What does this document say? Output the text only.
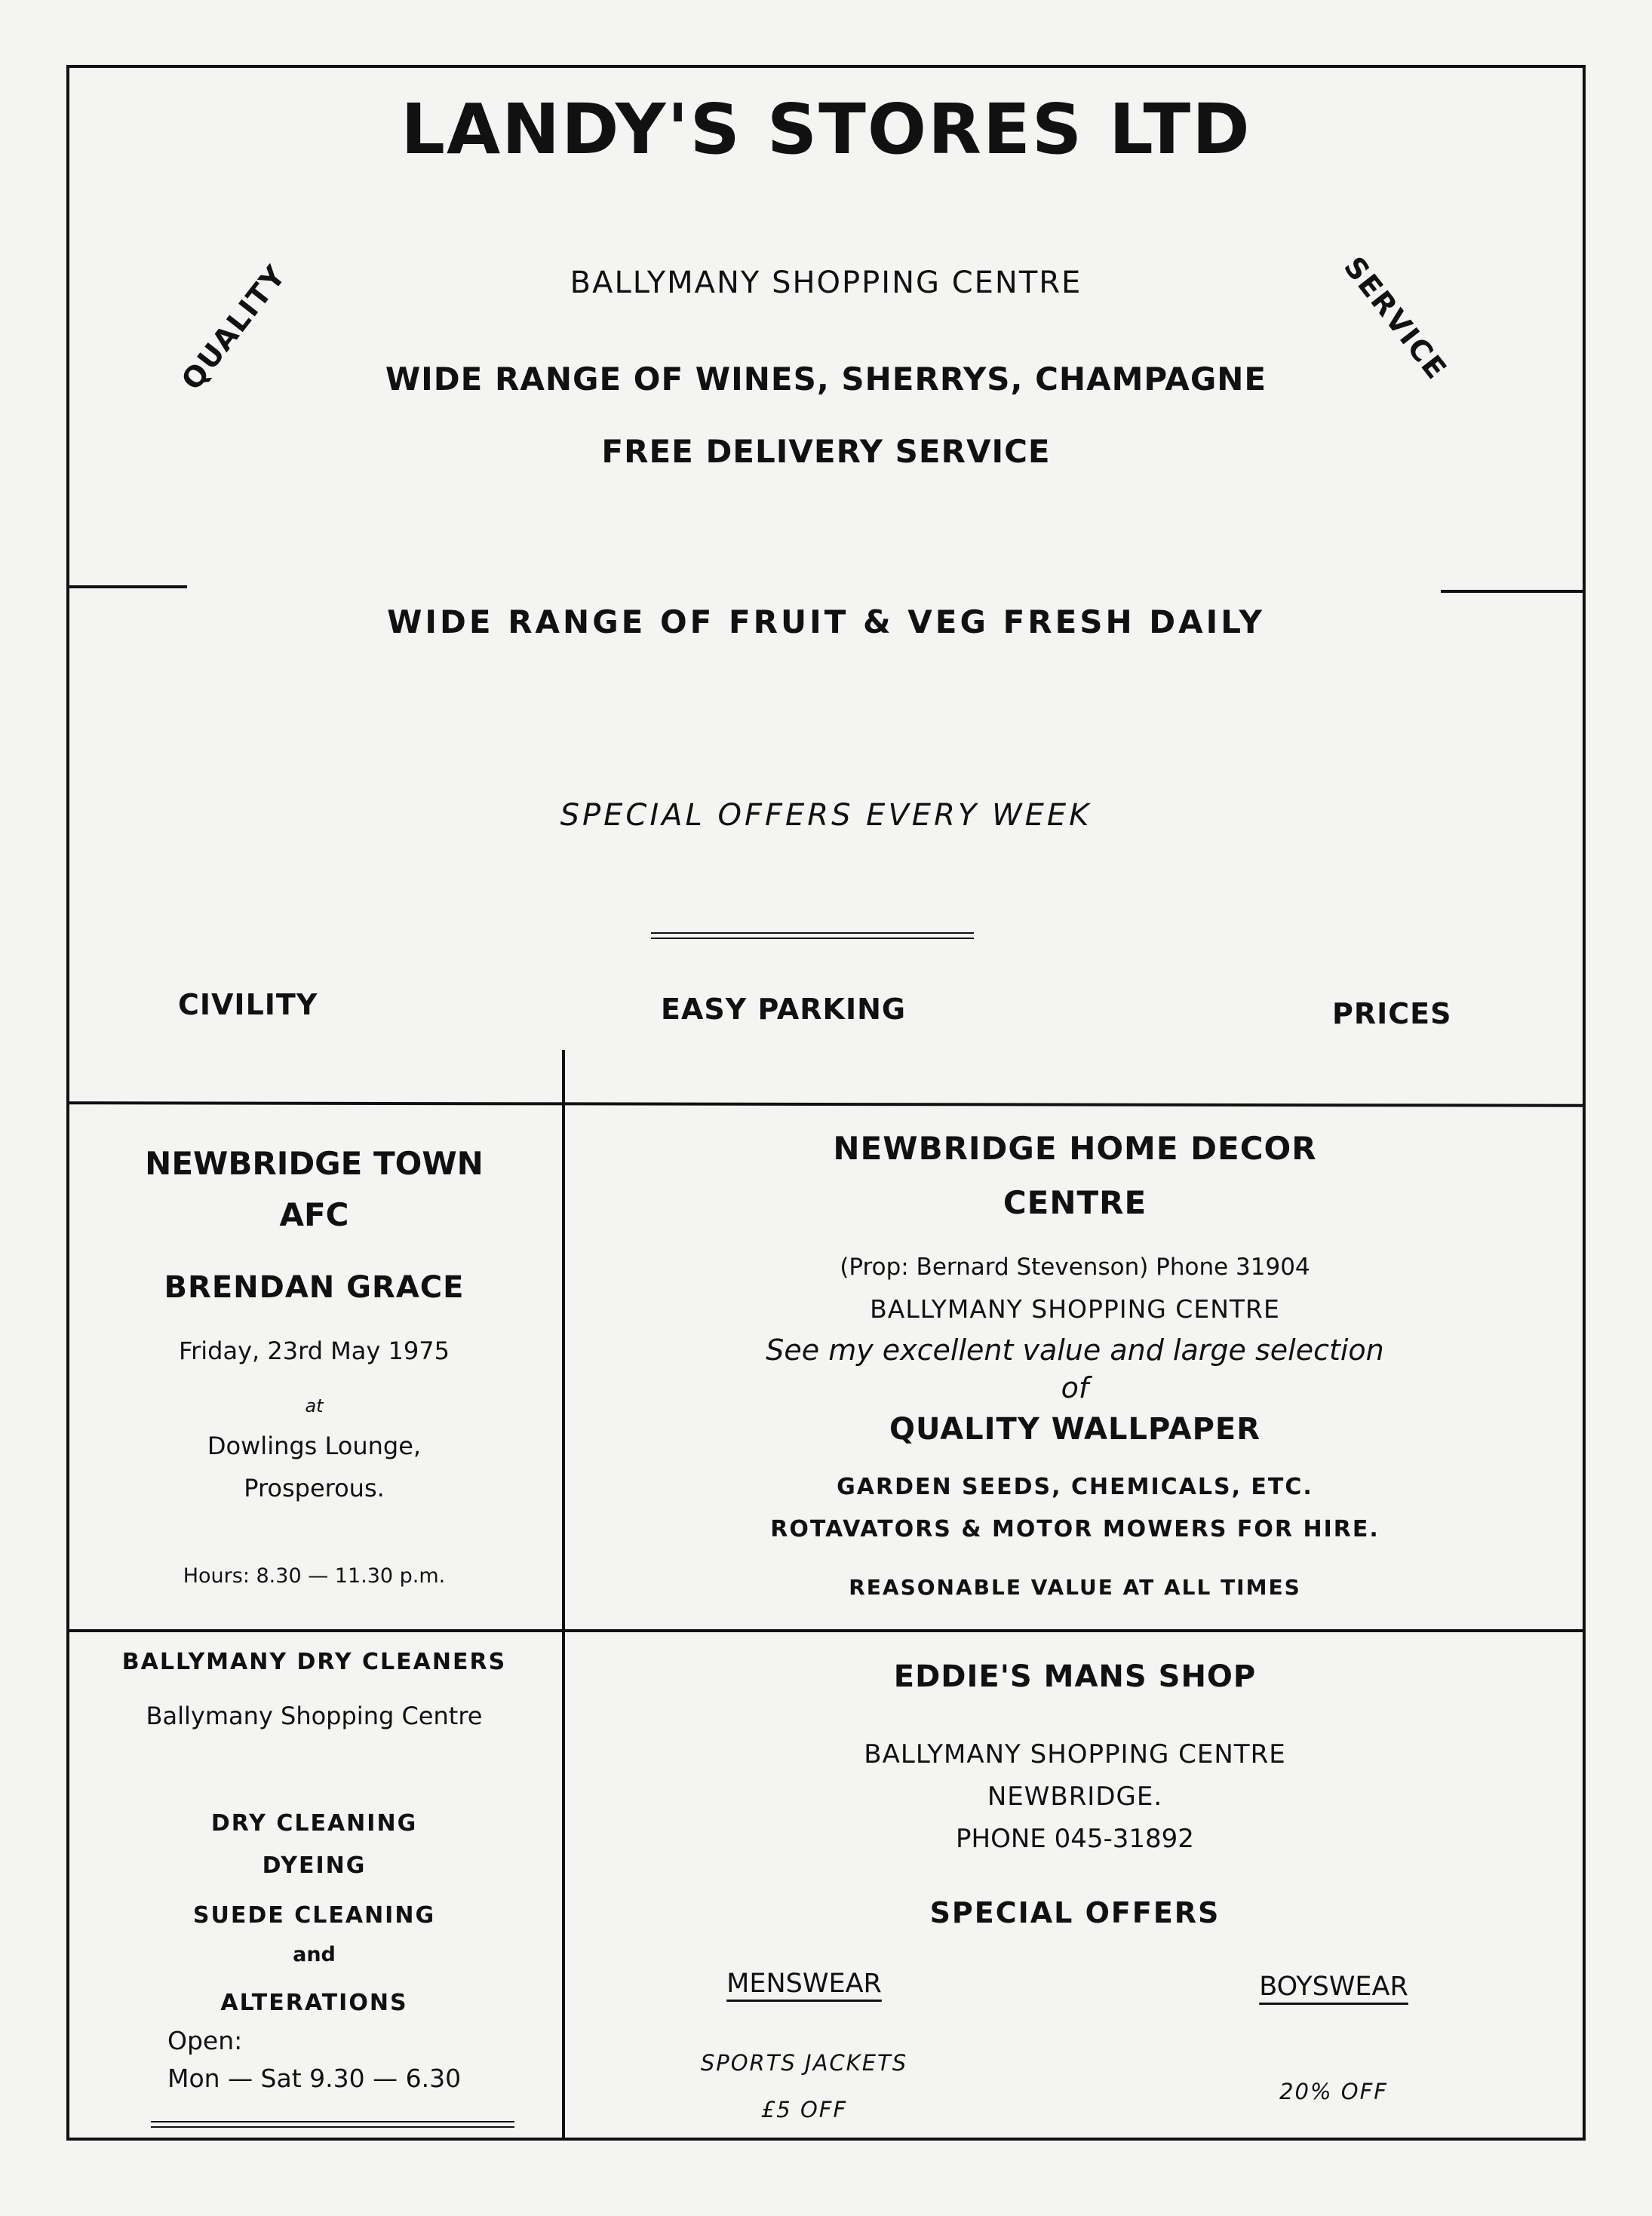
LANDY'S STORES LTD
BALLYMANY SHOPPING CENTRE
WIDE RANGE OF WINES, SHERRYS, CHAMPAGNE
FREE DELIVERY SERVICE
QUALITY	SERVICE
WIDE RANGE OF FRUIT & VEG FRESH DAILY
SPECIAL OFFERS EVERY WEEK
CIVILITY	EASY PARKING	PRICES
NEWBRIDGE TOWN
AFC
BRENDAN GRACE
Friday, 23rd May 1975
at
Dowlings Lounge,
Prosperous.
Hours: 8.30 — 11.30 p.m.
NEWBRIDGE HOME DECOR
CENTRE
(Prop: Bernard Stevenson) Phone 31904
BALLYMANY SHOPPING CENTRE
See my excellent value and large selection
of
QUALITY WALLPAPER
GARDEN SEEDS, CHEMICALS, ETC.
ROTAVATORS & MOTOR MOWERS FOR HIRE.
REASONABLE VALUE AT ALL TIMES
BALLYMANY DRY CLEANERS
Ballymany Shopping Centre
DRY CLEANING
DYEING
SUEDE CLEANING
and
ALTERATIONS
Open:
Mon — Sat 9.30 — 6.30
EDDIE'S MANS SHOP
BALLYMANY SHOPPING CENTRE
NEWBRIDGE.
PHONE 045-31892
SPECIAL OFFERS
MENSWEAR
SPORTS JACKETS
£5 OFF
BOYSWEAR
20% OFF
